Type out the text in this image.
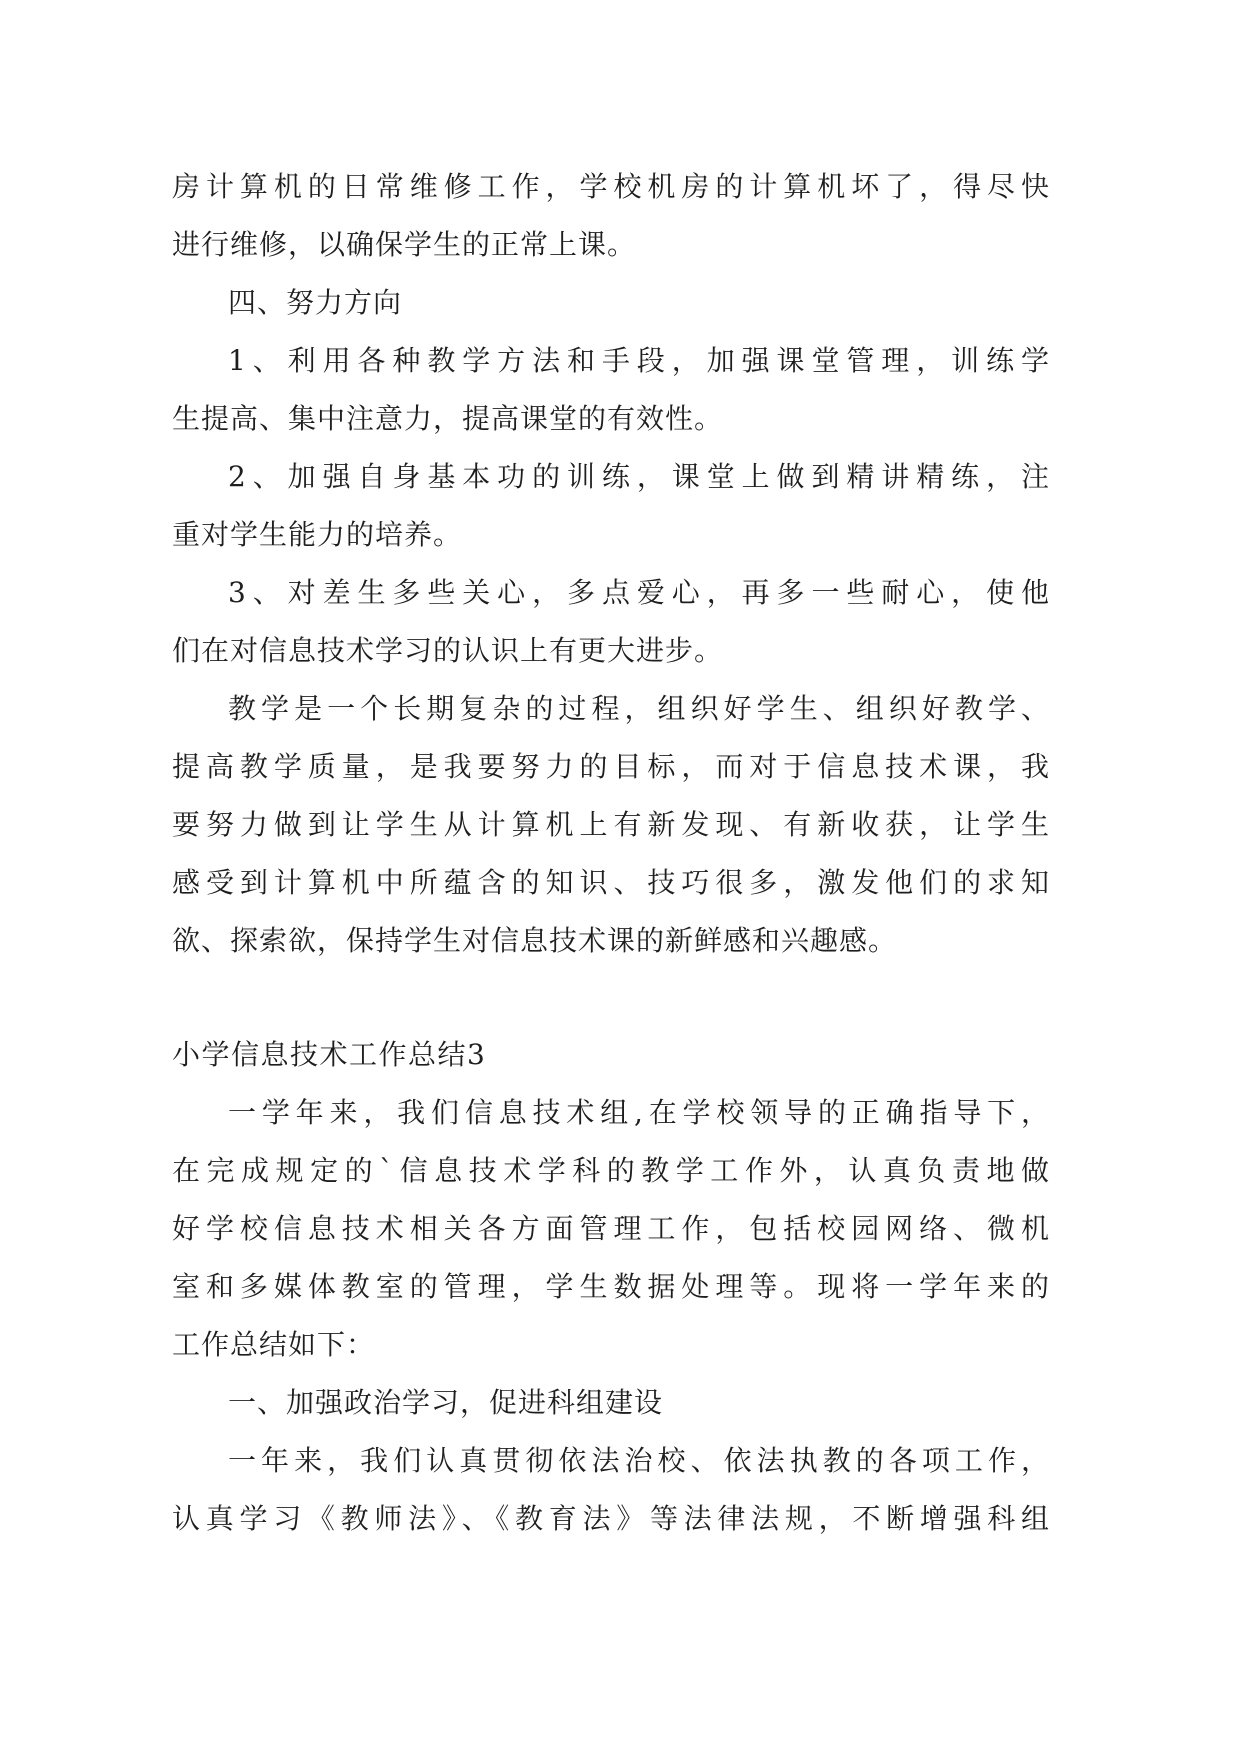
房计算机的日常维修工作，学校机房的计算机坏了，得尽快
进行维修，以确保学生的正常上课。
四、努力方向
1、利用各种教学方法和手段，加强课堂管理，训练学
生提高、集中注意力，提高课堂的有效性。
2、加强自身基本功的训练，课堂上做到精讲精练，注
重对学生能力的培养。
3、对差生多些关心，多点爱心，再多一些耐心，使他
们在对信息技术学习的认识上有更大进步。
教学是一个长期复杂的过程，组织好学生、组织好教学、
提高教学质量，是我要努力的目标，而对于信息技术课，我
要努力做到让学生从计算机上有新发现、有新收获，让学生
感受到计算机中所蕴含的知识、技巧很多，激发他们的求知
欲、探索欲，保持学生对信息技术课的新鲜感和兴趣感。
小学信息技术工作总结3
一学年来，我们信息技术组,在学校领导的正确指导下，
在完成规定的`信息技术学科的教学工作外，认真负责地做
好学校信息技术相关各方面管理工作，包括校园网络、微机
室和多媒体教室的管理，学生数据处理等。现将一学年来的
工作总结如下：
一、加强政治学习，促进科组建设
一年来，我们认真贯彻依法治校、依法执教的各项工作，
认真学习《教师法》、《教育法》等法律法规，不断增强科组
